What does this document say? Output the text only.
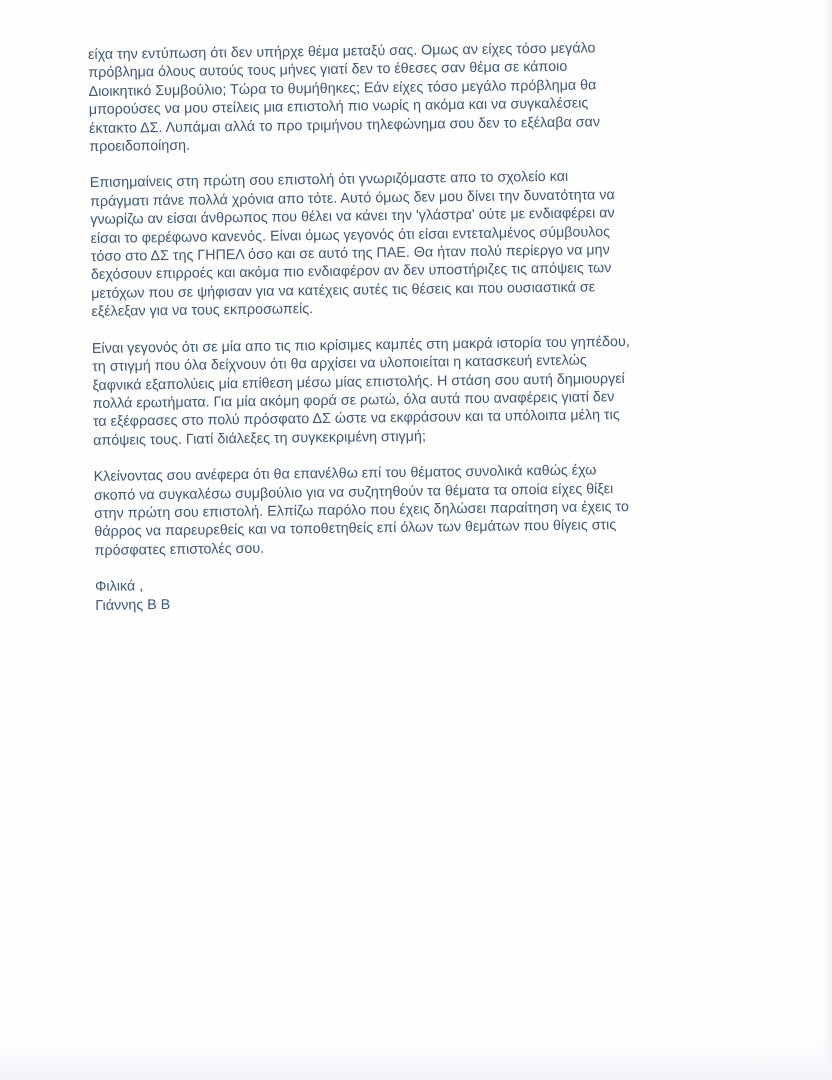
· ·
είχα την εντύπωση ότι δεν υπήρχε θέμα μεταξύ σας. Ομως αν είχες τόσο μεγάλο
πρόβλημα όλους αυτούς τους μήνες γιατί δεν το έθεσες σαν θέμα σε κάποιο
Διοικητικό Συμβούλιο; Τώρα το θυμήθηκες; Εάν είχες τόσο μεγάλο πρόβλημα θα
μπορούσες να μου στείλεις μια επιστολή πιο νωρίς η ακόμα και να συγκαλέσεις
έκτακτο ΔΣ. Λυπάμαι αλλά το προ τριμήνου τηλεφώνημα σου δεν το εξέλαβα σαν
προειδοποίηση.
Επισημαίνεις στη πρώτη σου επιστολή ότι γνωριζόμαστε απο το σχολείο και
πράγματι πάνε πολλά χρόνια απο τότε. Αυτό όμως δεν μου δίνει την δυνατότητα να
γνωρίζω αν είσαι άνθρωπος που θέλει να κάνει την 'γλάστρα' ούτε με ενδιαφέρει αν
είσαι το φερέφωνο κανενός. Είναι όμως γεγονός ότι είσαι εντεταλμένος σύμβουλος
τόσο στο ΔΣ της ΓΗΠΕΛ όσο και σε αυτό της ΠΑΕ. Θα ήταν πολύ περίεργο να μην
δεχόσουν επιρροές και ακόμα πιο ενδιαφέρον αν δεν υποστήριζες τις απόψεις των
μετόχων που σε ψήφισαν για να κατέχεις αυτές τις θέσεις και που ουσιαστικά σε
εξέλεξαν για να τους εκπροσωπείς.
Είναι γεγονός ότι σε μία απο τις πιο κρίσιμες καμπές στη μακρά ιστορία του γηπέδου,
τη στιγμή που όλα δείχνουν ότι θα αρχίσει να υλοποιείται η κατασκευή εντελώς
ξαφνικά εξαπολύεις μία επίθεση μέσω μίας επιστολής. Η στάση σου αυτή δημιουργεί
πολλά ερωτήματα. Για μία ακόμη φορά σε ρωτώ, όλα αυτά που αναφέρεις γιατί δεν
τα εξέφρασες στο πολύ πρόσφατο ΔΣ ώστε να εκφράσουν και τα υπόλοιπα μέλη τις
απόψεις τους. Γιατί διάλεξες τη συγκεκριμένη στιγμή;
Κλείνοντας σου ανέφερα ότι θα επανέλθω επί του θέματος συνολικά καθώς έχω
σκοπό να συγκαλέσω συμβούλιο για να συζητηθούν τα θέματα τα οποία είχες θίξει
στην πρώτη σου επιστολή. Ελπίζω παρόλο που έχεις δηλώσει παραίτηση να έχεις το
θάρρος να παρευρεθείς και να τοποθετηθείς επί όλων των θεμάτων που θίγεις στις
πρόσφατες επιστολές σου.
Φιλικά ,
Γιάννης Β Β
